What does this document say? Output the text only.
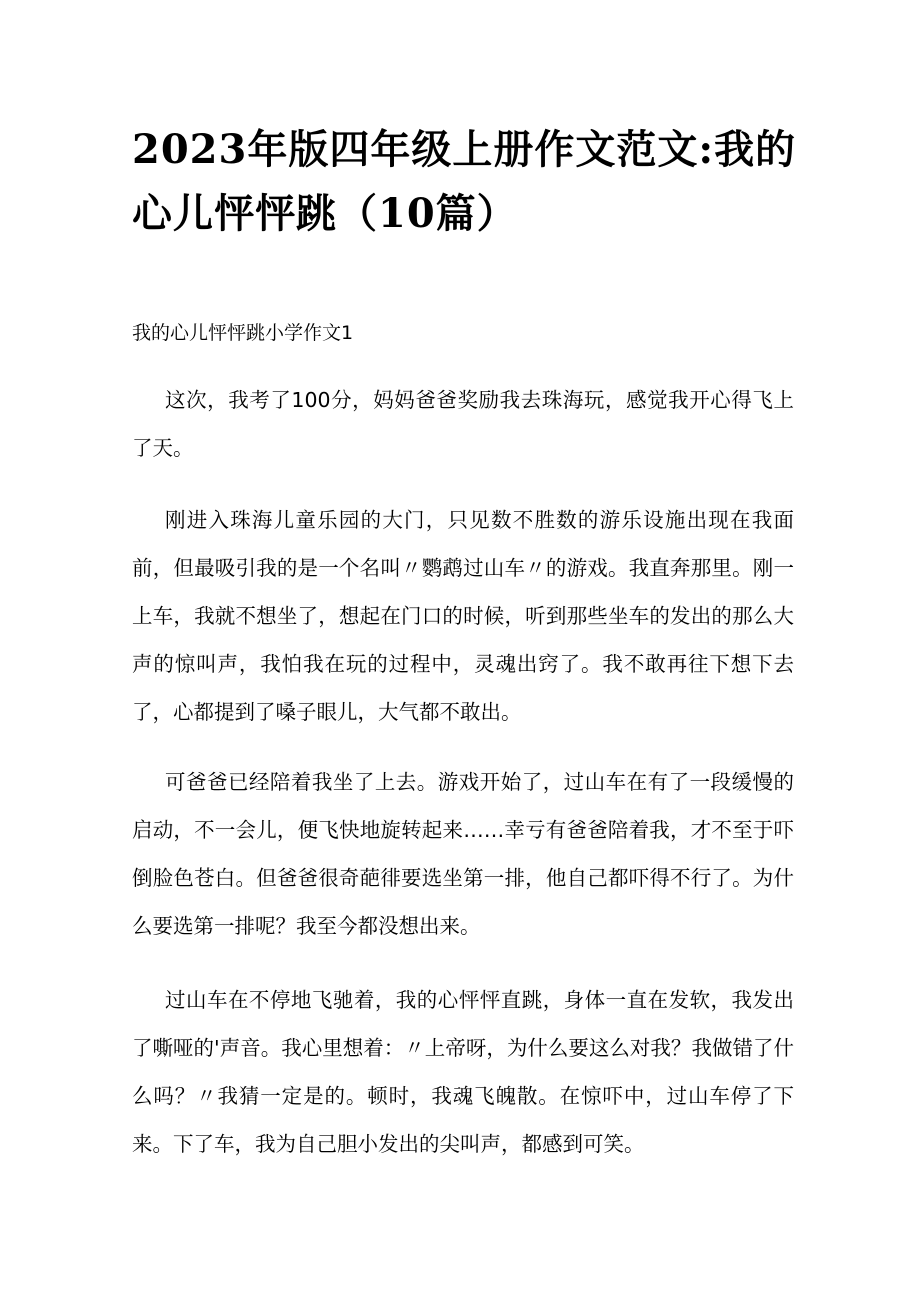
2023年版四年级上册作文范文:我的心儿怦怦跳（10篇）
我的心儿怦怦跳小学作文1

这次，我考了100分，妈妈爸爸奖励我去珠海玩，感觉我开心得飞上了天。

刚进入珠海儿童乐园的大门，只见数不胜数的游乐设施出现在我面前，但最吸引我的是一个名叫〃鹦鹉过山车〃的游戏。我直奔那里。刚一上车，我就不想坐了，想起在门口的时候，听到那些坐车的发出的那么大声的惊叫声，我怕我在玩的过程中，灵魂出窍了。我不敢再往下想下去了，心都提到了嗓子眼儿，大气都不敢出。

可爸爸已经陪着我坐了上去。游戏开始了，过山车在有了一段缓慢的启动，不一会儿，便飞快地旋转起来……幸亏有爸爸陪着我，才不至于吓倒脸色苍白。但爸爸很奇葩徘要选坐第一排，他自己都吓得不行了。为什么要选第一排呢？我至今都没想出来。

过山车在不停地飞驰着，我的心怦怦直跳，身体一直在发软，我发出了嘶哑的'声音。我心里想着：〃上帝呀，为什么要这么对我？我做错了什么吗？〃我猜一定是的。顿时，我魂飞魄散。在惊吓中，过山车停了下来。下了车，我为自己胆小发出的尖叫声，都感到可笑。
